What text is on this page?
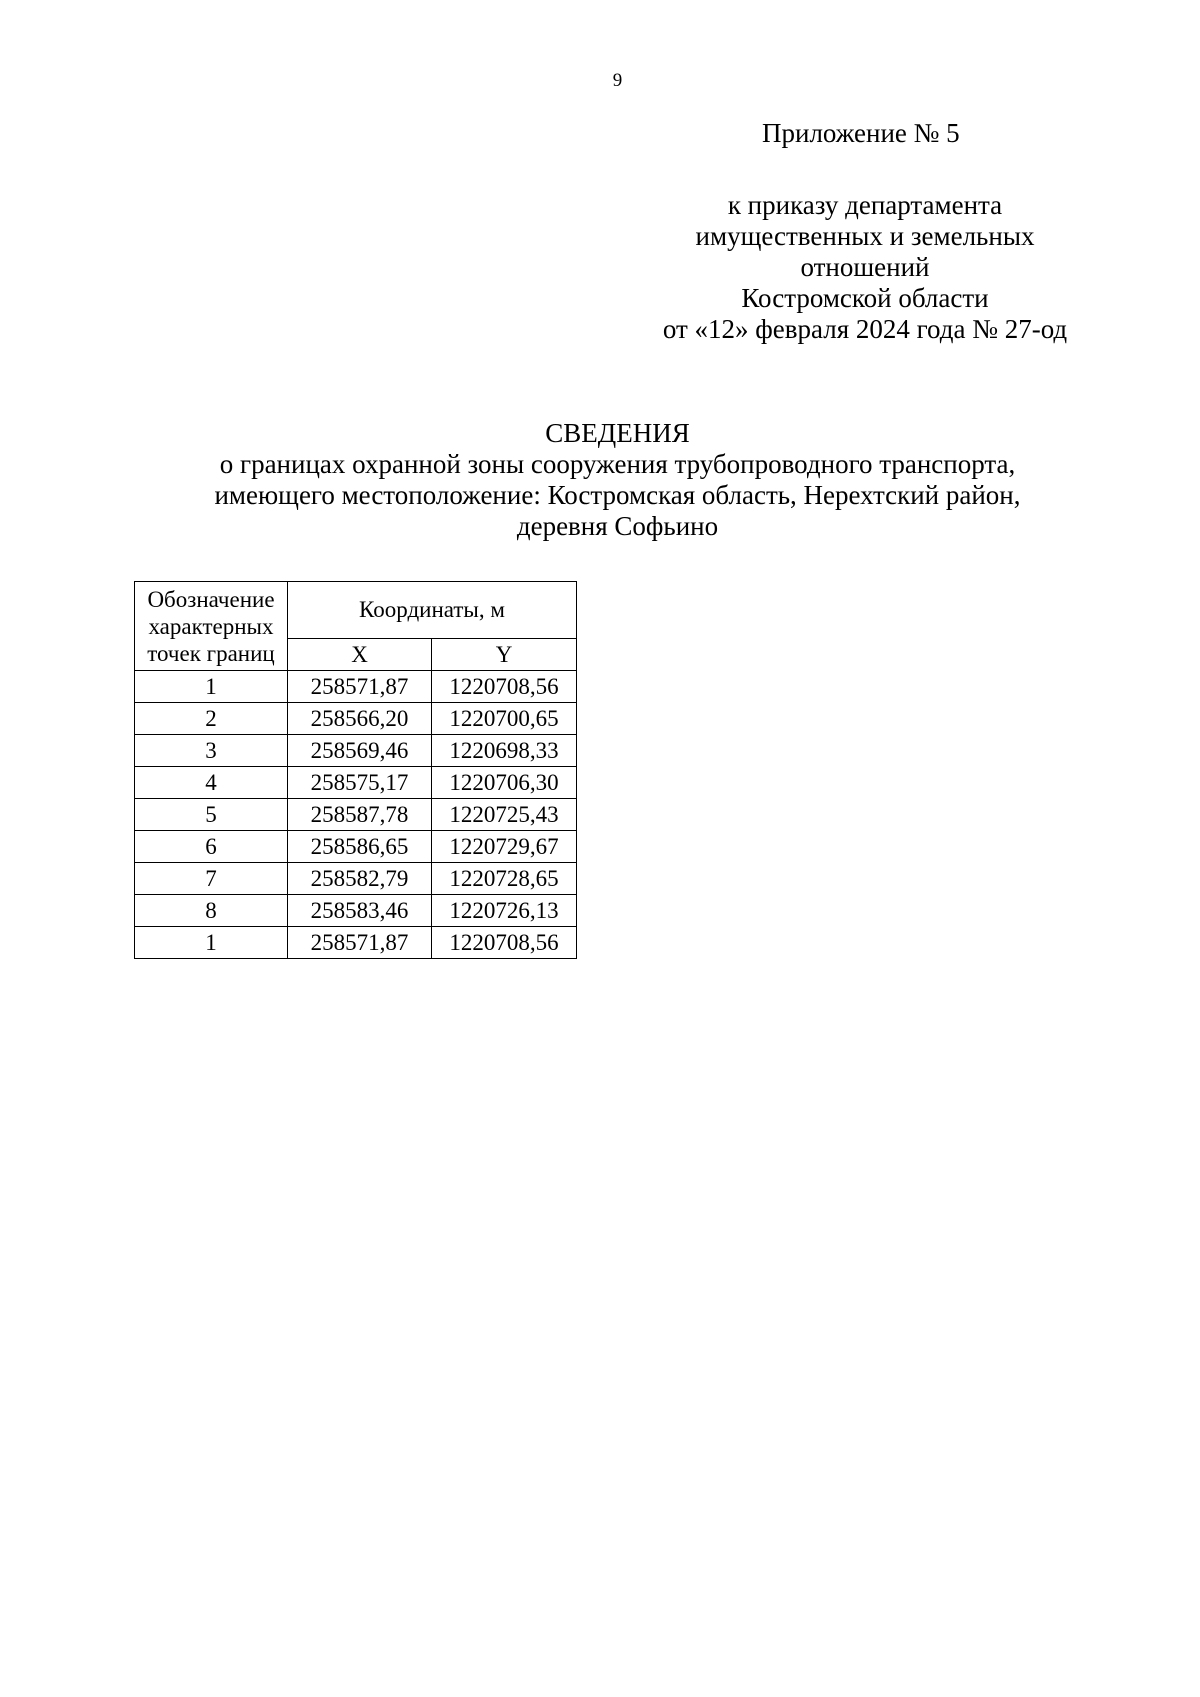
9
Приложение № 5
к приказу департамента
имущественных и земельных
отношений
Костромской области
от «12» февраля 2024 года № 27-од
СВЕДЕНИЯ
о границах охранной зоны сооружения трубопроводного транспорта,
имеющего местоположение: Костромская область, Нерехтский район,
деревня Софьино
Обозначение
характерных
точек границ	Координаты, м	
	X	Y
1	258571,87	1220708,56
2	258566,20	1220700,65
3	258569,46	1220698,33
4	258575,17	1220706,30
5	258587,78	1220725,43
6	258586,65	1220729,67
7	258582,79	1220728,65
8	258583,46	1220726,13
1	258571,87	1220708,56
